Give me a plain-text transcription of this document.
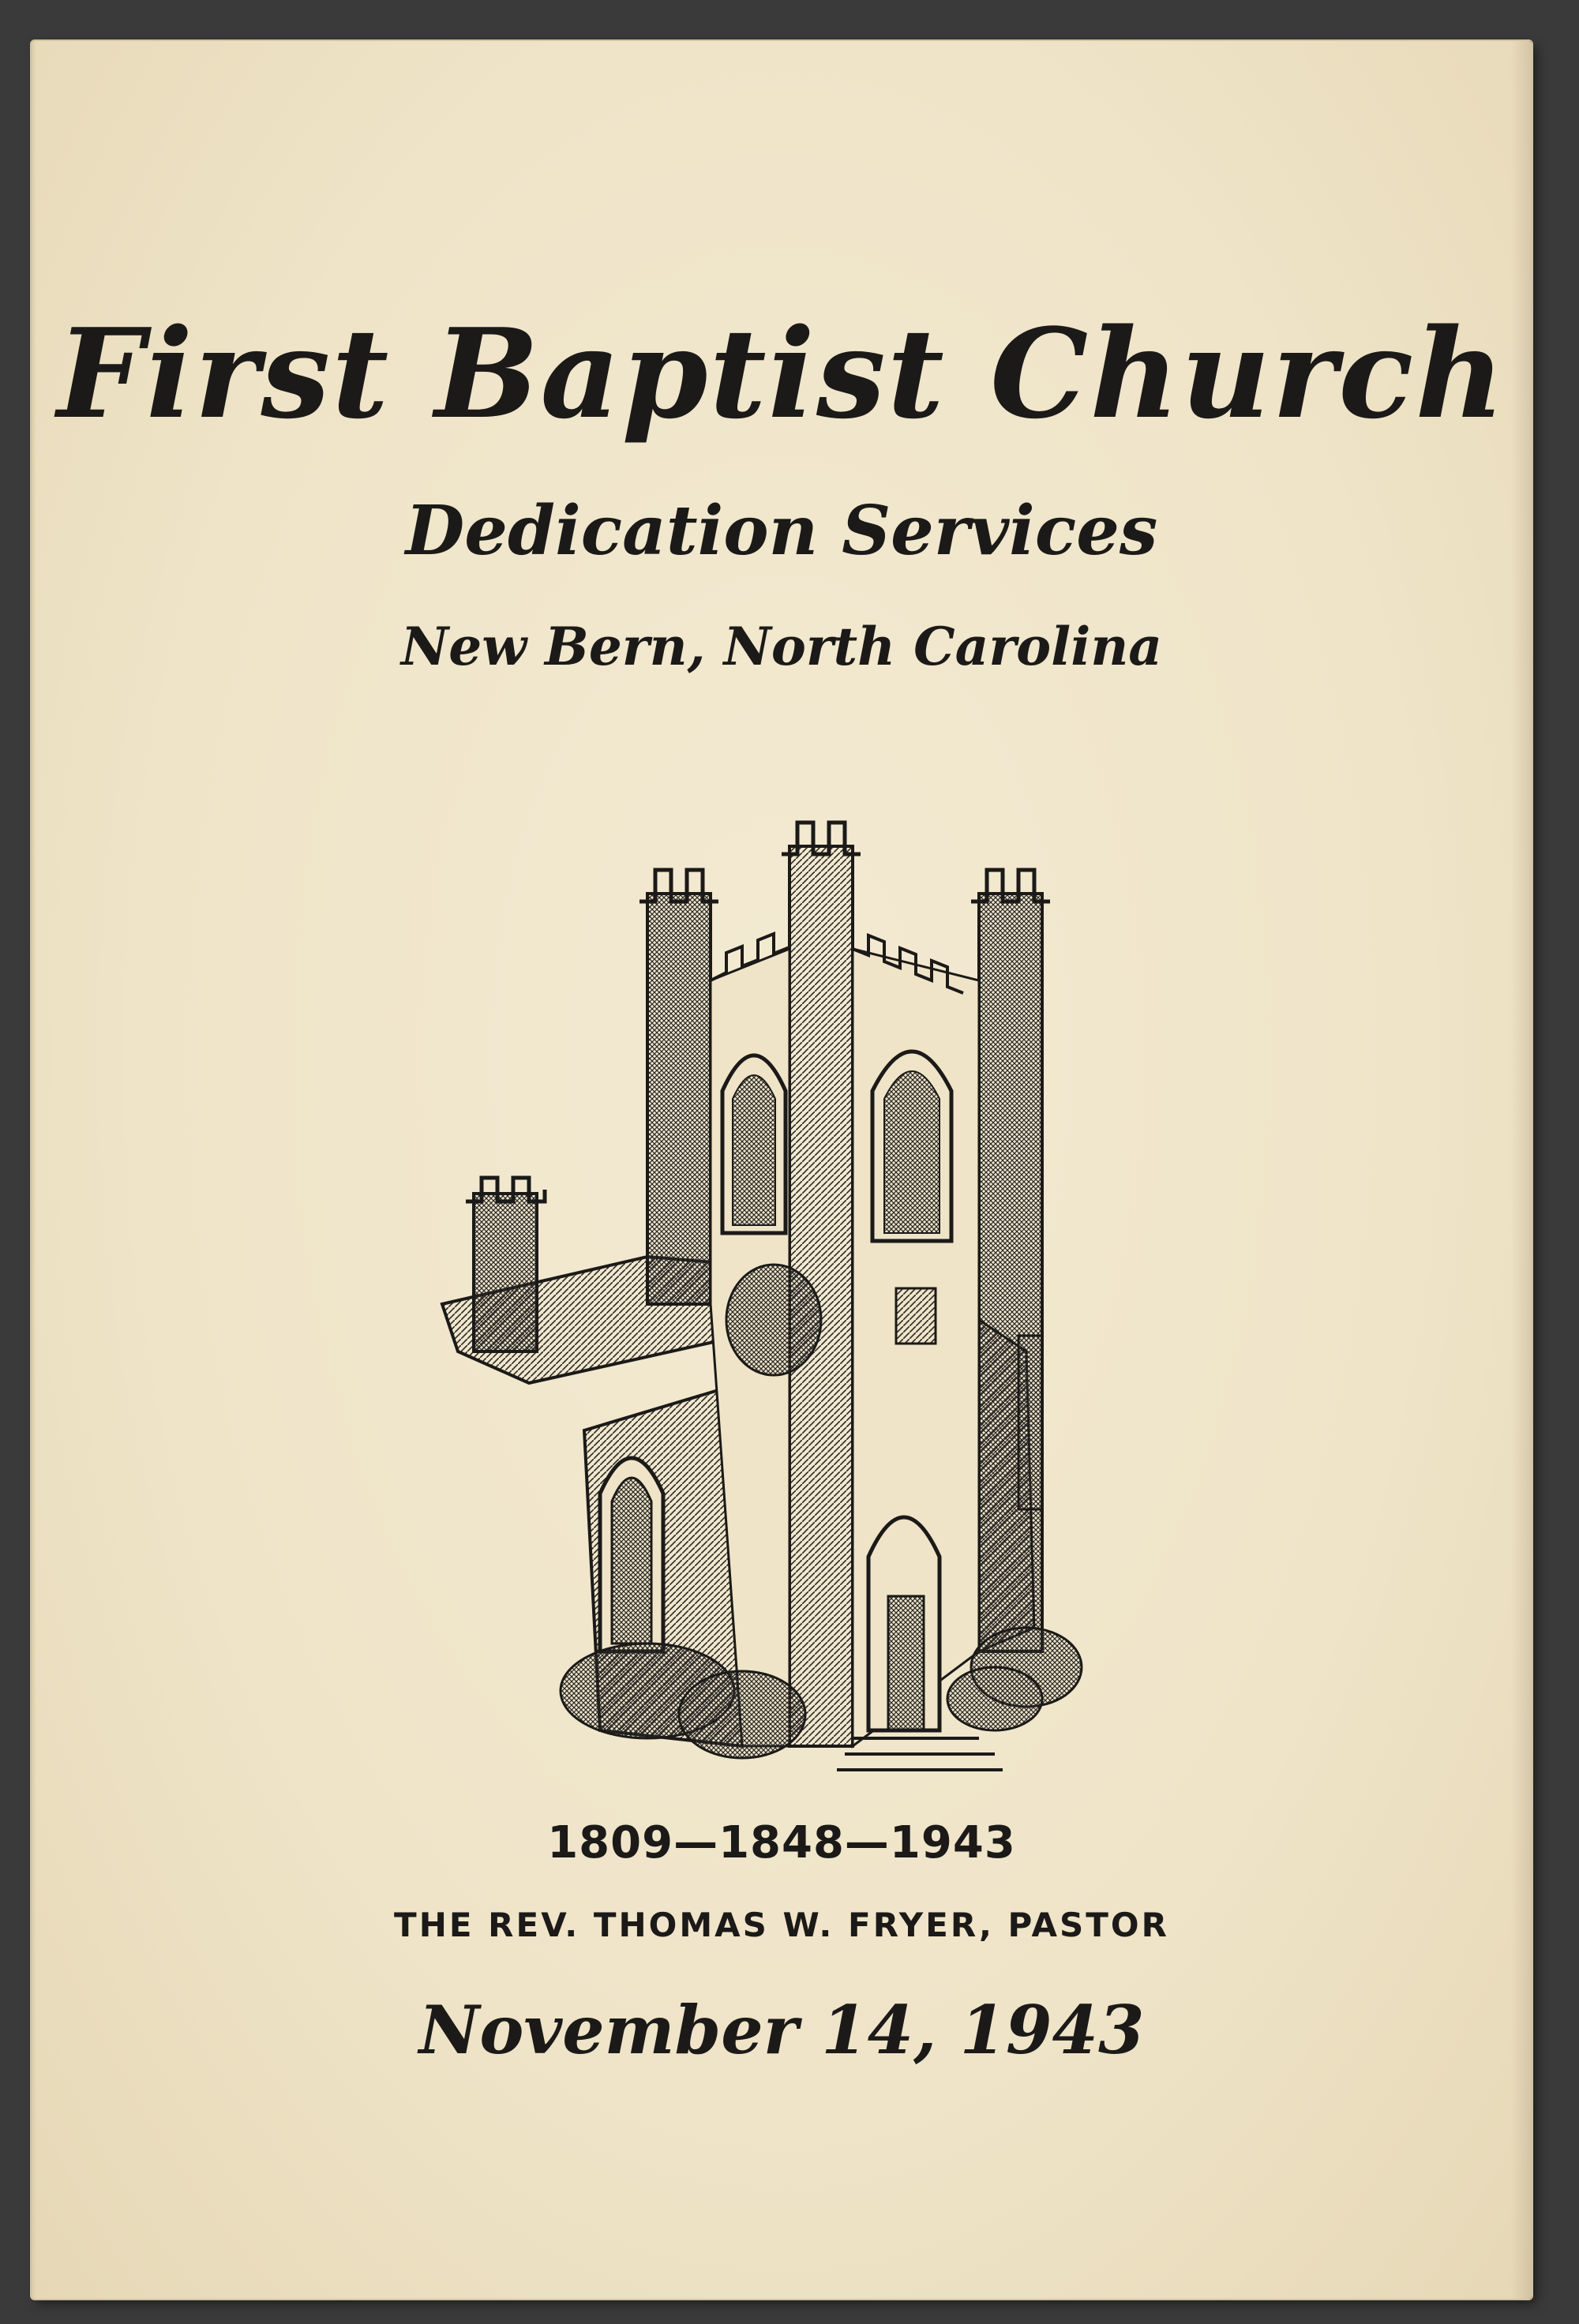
First Baptist Church
Dedication Services
New Bern, North Carolina
1809—1848—1943
THE REV. THOMAS W. FRYER, PASTOR
November 14, 1943
